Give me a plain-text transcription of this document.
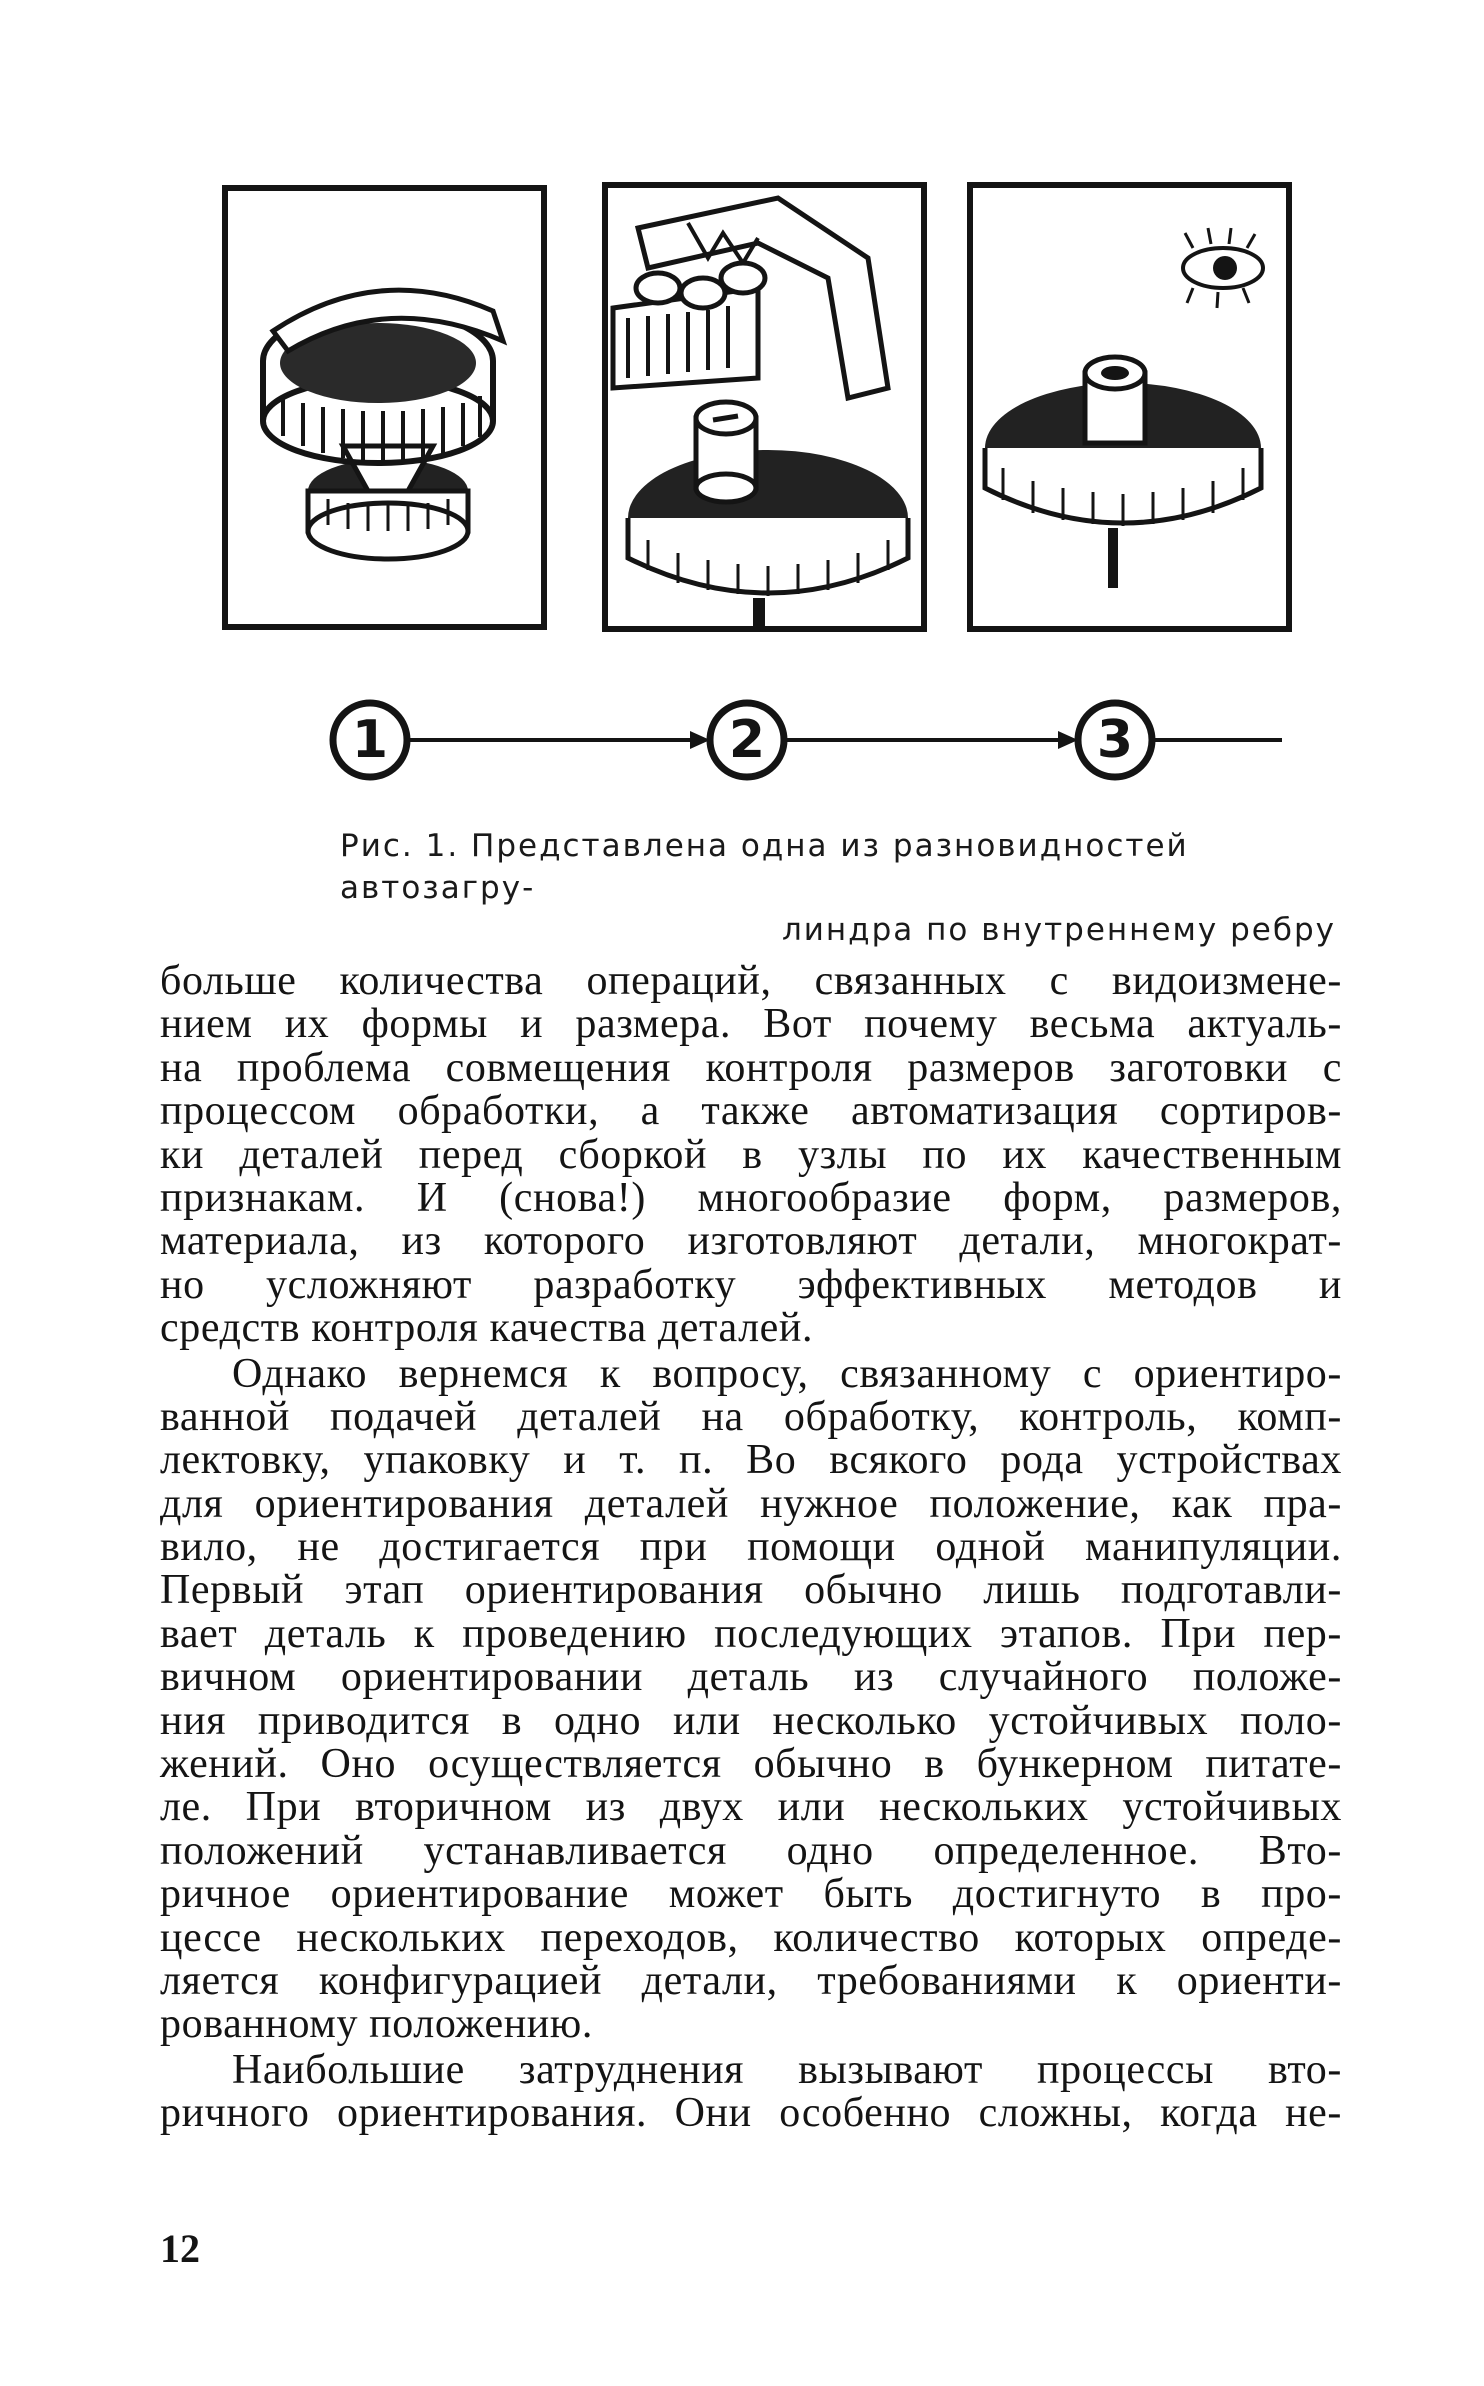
1	2	3
Рис. 1. Представлена одна из разновидностей автозагру-
линдра по внутреннему ребру
больше количества операций, связанных с видоизмене-
нием их формы и размера. Вот почему весьма актуаль-
на проблема совмещения контроля размеров заготовки с
процессом обработки, а также автоматизация сортиров-
ки деталей перед сборкой в узлы по их качественным
признакам. И (снова!) многообразие форм, размеров,
материала, из которого изготовляют детали, многократ-
но усложняют разработку эффективных методов и
средств контроля качества деталей.
Однако вернемся к вопросу, связанному с ориентиро-
ванной подачей деталей на обработку, контроль, комп-
лектовку, упаковку и т. п. Во всякого рода устройствах
для ориентирования деталей нужное положение, как пра-
вило, не достигается при помощи одной манипуляции.
Первый этап ориентирования обычно лишь подготавли-
вает деталь к проведению последующих этапов. При пер-
вичном ориентировании деталь из случайного положе-
ния приводится в одно или несколько устойчивых поло-
жений. Оно осуществляется обычно в бункерном питате-
ле. При вторичном из двух или нескольких устойчивых
положений устанавливается одно определенное. Вто-
ричное ориентирование может быть достигнуто в про-
цессе нескольких переходов, количество которых опреде-
ляется конфигурацией детали, требованиями к ориенти-
рованному положению.
Наибольшие затруднения вызывают процессы вто-
ричного ориентирования. Они особенно сложны, когда не-
12
